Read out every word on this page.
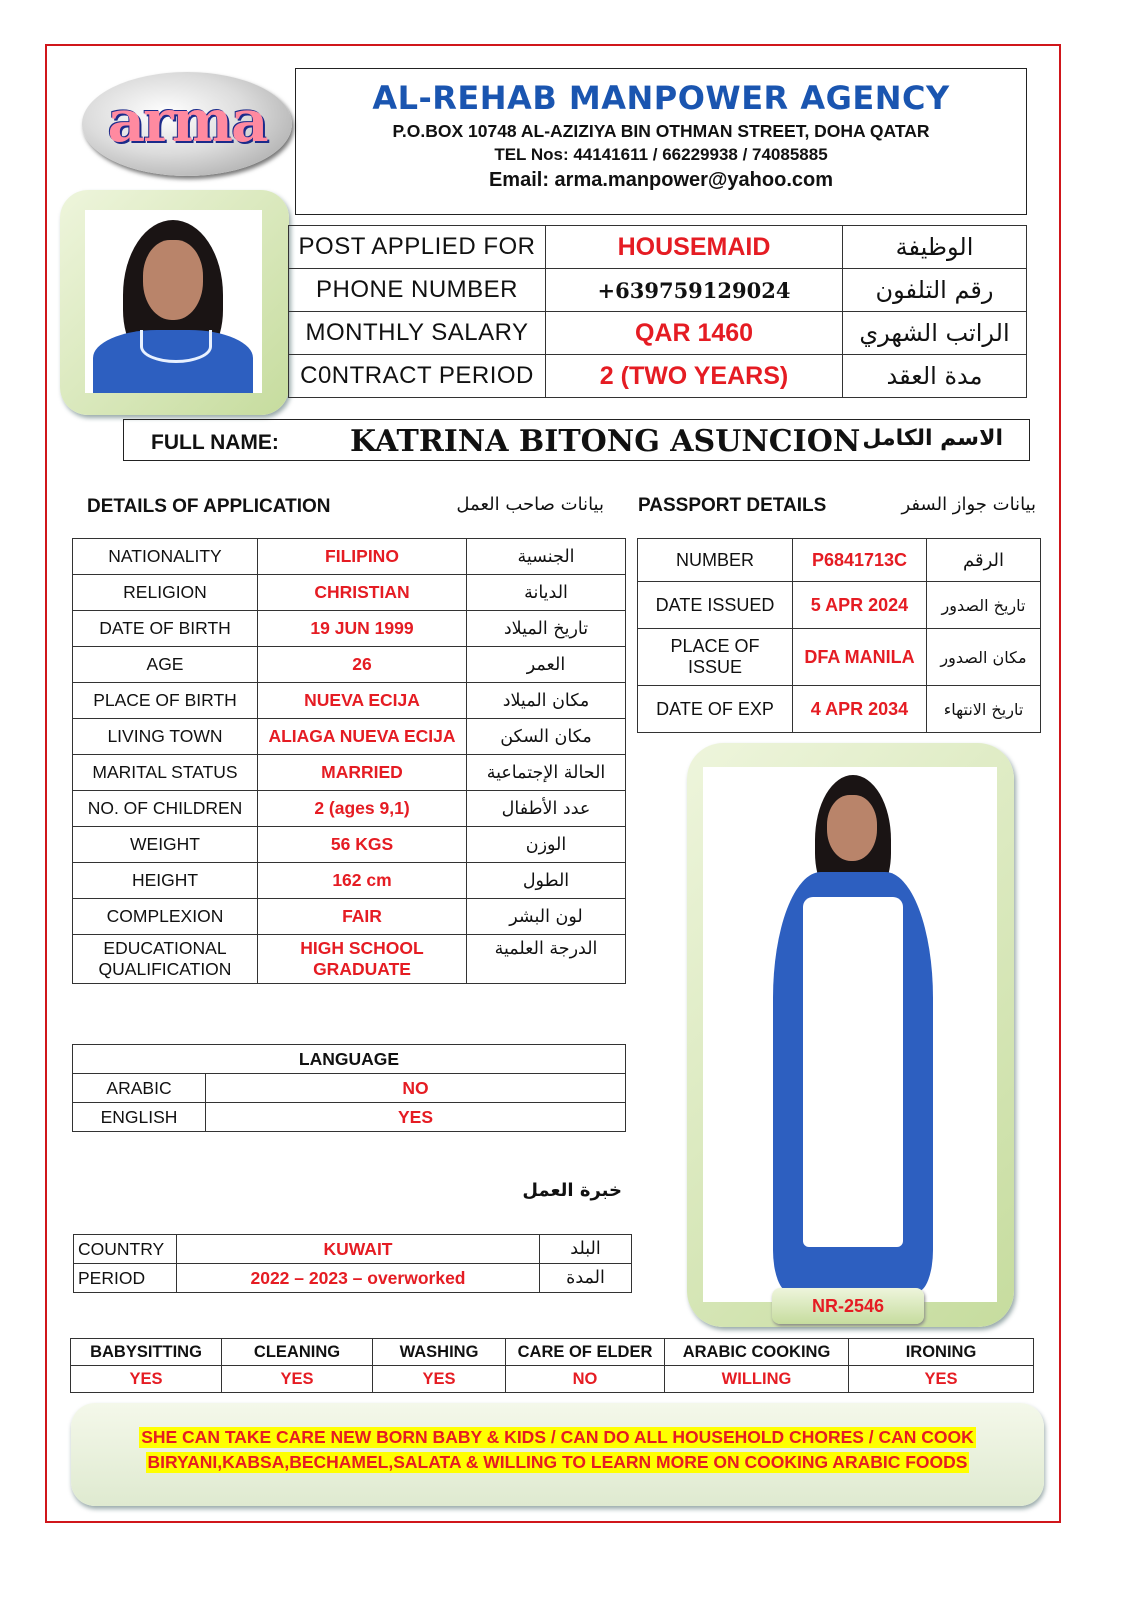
arma	AL-REHAB MANPOWER AGENCY
P.O.BOX 10748 AL-AZIZIYA BIN OTHMAN STREET, DOHA QATAR
TEL Nos: 44141611 / 66229938 / 74085885
Email: arma.manpower@yahoo.com
POST APPLIED FOR	HOUSEMAID	الوظيفة
PHONE NUMBER	+639759129024	رقم التلفون
MONTHLY SALARY	QAR 1460	الراتب الشهري
C0NTRACT PERIOD	2 (TWO YEARS)	مدة العقد
FULL NAME: KATRINA BITONG ASUNCION الاسم الكامل
DETAILS OF APPLICATION	بيانات صاحب العمل PASSPORT DETAILS	بيانات جواز السفر
NATIONALITY	FILIPINO	الجنسية
RELIGION	CHRISTIAN	الديانة
DATE OF BIRTH	19 JUN 1999	تاريخ الميلاد
AGE	26	العمر
PLACE OF BIRTH	NUEVA ECIJA	مكان الميلاد
LIVING TOWN	ALIAGA NUEVA ECIJA	مكان السكن
MARITAL STATUS	MARRIED	الحالة الإجتماعية
NO. OF CHILDREN	2 (ages 9,1)	عدد الأطفال
WEIGHT	56 KGS	الوزن
HEIGHT	162 cm	الطول
COMPLEXION	FAIR	لون البشر
EDUCATIONAL QUALIFICATION	HIGH SCHOOL GRADUATE	الدرجة العلمية
NUMBER	P6841713C	الرقم
DATE ISSUED	5 APR 2024	تاريخ الصدور
PLACE OF ISSUE	DFA MANILA	مكان الصدور
DATE OF EXP	4 APR 2034	تاريخ الانتهاء
NR-2546
LANGUAGE	
ARABIC	NO
ENGLISH	YES
خبرة العمل
COUNTRY	KUWAIT	البلد
PERIOD	2022 – 2023 – overworked	المدة
BABYSITTING	CLEANING	WASHING	CARE OF ELDER	ARABIC COOKING	IRONING
YES	YES	YES	NO	WILLING	YES
SHE CAN TAKE CARE NEW BORN BABY & KIDS / CAN DO ALL HOUSEHOLD CHORES / CAN COOK
BIRYANI,KABSA,BECHAMEL,SALATA & WILLING TO LEARN MORE ON COOKING ARABIC FOODS
